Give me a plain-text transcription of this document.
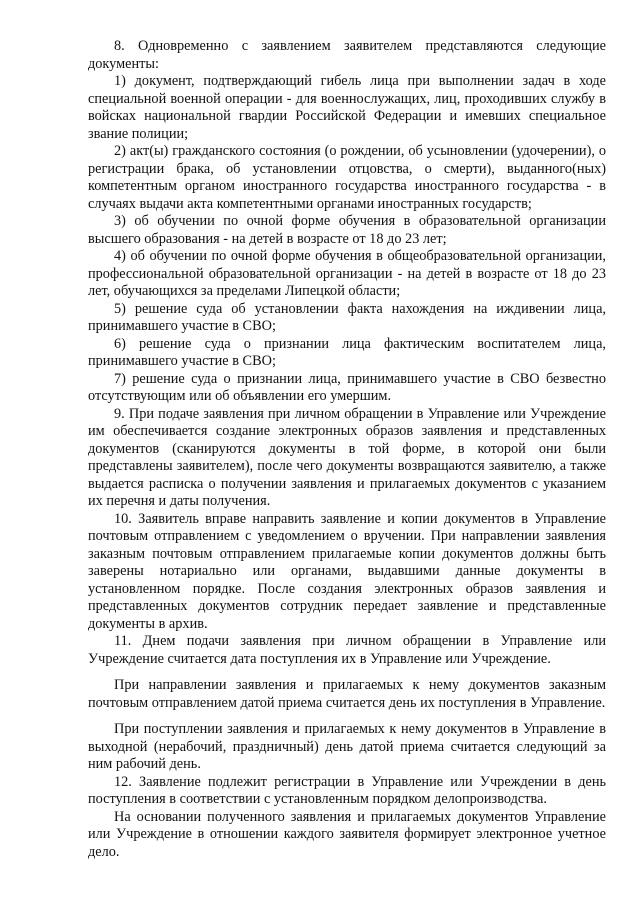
8. Одновременно с заявлением заявителем представляются следующие документы:

1) документ, подтверждающий гибель лица при выполнении задач в ходе специальной военной операции - для военнослужащих, лиц, проходивших службу в войсках национальной гвардии Российской Федерации и имевших специальное звание полиции;

2) акт(ы) гражданского состояния (о рождении, об усыновлении (удочерении), о регистрации брака, об установлении отцовства, о смерти), выданного(ных) компетентным органом иностранного государства иностранного государства - в случаях выдачи акта компетентными органами иностранных государств;

3) об обучении по очной форме обучения в образовательной организации высшего образования - на детей в возрасте от 18 до 23 лет;

4) об обучении по очной форме обучения в общеобразовательной организации, профессиональной образовательной организации - на детей в возрасте от 18 до 23 лет, обучающихся за пределами Липецкой области;

5) решение суда об установлении факта нахождения на иждивении лица, принимавшего участие в СВО;

6) решение суда о признании лица фактическим воспитателем лица, принимавшего участие в СВО;

7) решение суда о признании лица, принимавшего участие в СВО безвестно отсутствующим или об объявлении его умершим.

9. При подаче заявления при личном обращении в Управление или Учреждение им обеспечивается создание электронных образов заявления и представленных документов (сканируются документы в той форме, в которой они были представлены заявителем), после чего документы возвращаются заявителю, а также выдается расписка о получении заявления и прилагаемых документов с указанием их перечня и даты получения.

10. Заявитель вправе направить заявление и копии документов в Управление почтовым отправлением с уведомлением о вручении. При направлении заявления заказным почтовым отправлением прилагаемые копии документов должны быть заверены нотариально или органами, выдавшими данные документы в установленном порядке. После создания электронных образов заявления и представленных документов сотрудник передает заявление и представленные документы в архив.

11. Днем подачи заявления при личном обращении в Управление или Учреждение считается дата поступления их в Управление или Учреждение.

При направлении заявления и прилагаемых к нему документов заказным почтовым отправлением датой приема считается день их поступления в Управление.

При поступлении заявления и прилагаемых к нему документов в Управление в выходной (нерабочий, праздничный) день датой приема считается следующий за ним рабочий день.

12. Заявление подлежит регистрации в Управление или Учреждении в день поступления в соответствии с установленным порядком делопроизводства.

На основании полученного заявления и прилагаемых документов Управление или Учреждение в отношении каждого заявителя формирует электронное учетное дело.
